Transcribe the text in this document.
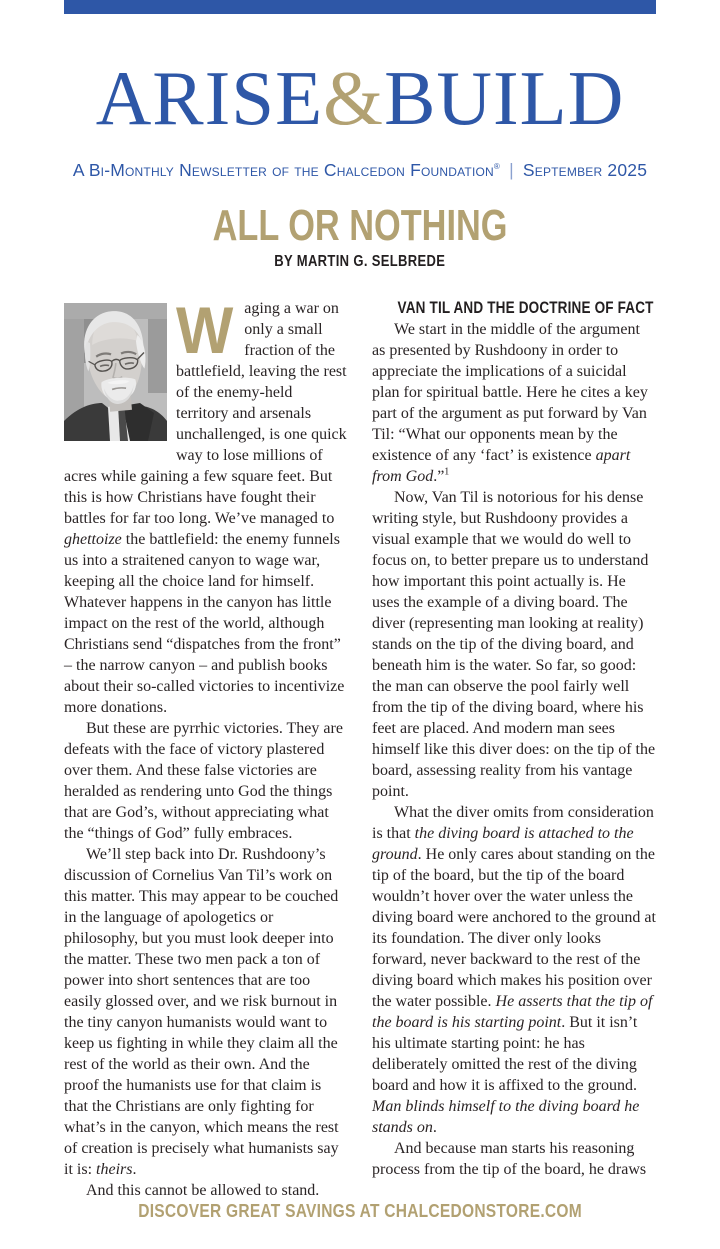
ARISE&BUILD
A Bi-Monthly Newsletter of the Chalcedon Foundation® | September 2025
ALL OR NOTHING
BY MARTIN G. SELBREDE

Waging a war on only a small fraction of the battlefield, leaving the rest of the enemy-held territory and arsenals unchallenged, is one quick way to lose millions of acres while gaining a few square feet. But this is how Christians have fought their battles for far too long. We’ve managed to ghettoize the battlefield: the enemy funnels us into a straitened canyon to wage war, keeping all the choice land for himself. Whatever happens in the canyon has little impact on the rest of the world, although Christians send “dispatches from the front” – the narrow canyon – and publish books about their so-called victories to incentivize more donations.

But these are pyrrhic victories. They are defeats with the face of victory plastered over them. And these false victories are heralded as rendering unto God the things that are God’s, without appreciating what the “things of God” fully embraces.

We’ll step back into Dr. Rushdoony’s discussion of Cornelius Van Til’s work on this matter. This may appear to be couched in the language of apologetics or philosophy, but you must look deeper into the matter. These two men pack a ton of power into short sentences that are too easily glossed over, and we risk burnout in the tiny canyon humanists would want to keep us fighting in while they claim all the rest of the world as their own. And the proof the humanists use for that claim is that the Christians are only fighting for what’s in the canyon, which means the rest of creation is precisely what humanists say it is: theirs.

And this cannot be allowed to stand.

VAN TIL AND THE DOCTRINE OF FACT

We start in the middle of the argument as presented by Rushdoony in order to appreciate the implications of a suicidal plan for spiritual battle. Here he cites a key part of the argument as put forward by Van Til: “What our opponents mean by the existence of any ‘fact’ is existence apart from God.”$^1$

Now, Van Til is notorious for his dense writing style, but Rushdoony provides a visual example that we would do well to focus on, to better prepare us to understand how important this point actually is. He uses the example of a diving board. The diver (representing man looking at reality) stands on the tip of the diving board, and beneath him is the water. So far, so good: the man can observe the pool fairly well from the tip of the diving board, where his feet are placed. And modern man sees himself like this diver does: on the tip of the board, assessing reality from his vantage point.

What the diver omits from consideration is that the diving board is attached to the ground. He only cares about standing on the tip of the board, but the tip of the board wouldn’t hover over the water unless the diving board were anchored to the ground at its foundation. The diver only looks forward, never backward to the rest of the diving board which makes his position over the water possible. He asserts that the tip of the board is his starting point. But it isn’t his ultimate starting point: he has deliberately omitted the rest of the diving board and how it is affixed to the ground. Man blinds himself to the diving board he stands on.

And because man starts his reasoning process from the tip of the board, he draws

DISCOVER GREAT SAVINGS AT CHALCEDONSTORE.COM
